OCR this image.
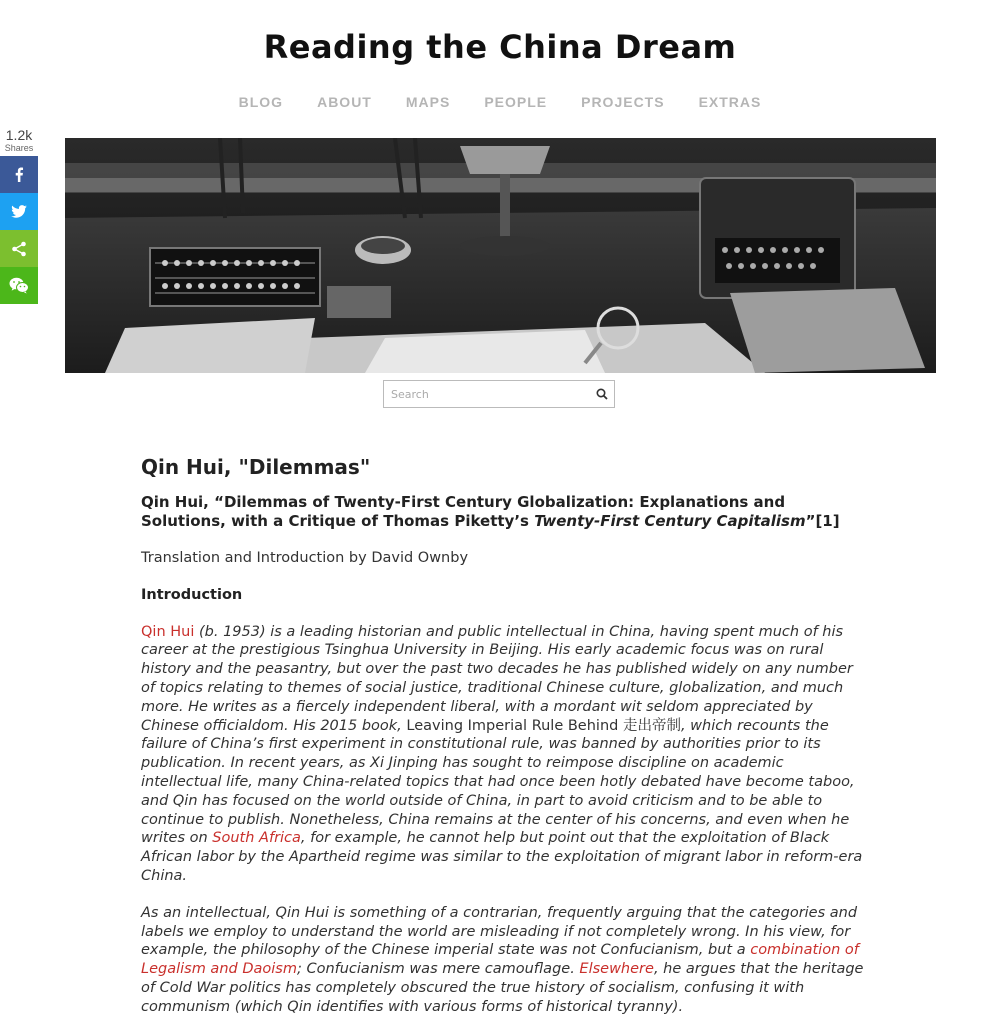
Reading the China Dream
BLOG ABOUT MAPS PEOPLE PROJECTS EXTRAS
1.2k
Shares
Search
Qin Hui, "Dilemmas"

Qin Hui, “Dilemmas of Twenty-First Century Globalization: Explanations and Solutions, with a Critique of Thomas Piketty’s Twenty-First Century Capitalism”[1]

Translation and Introduction by David Ownby

Introduction

Qin Hui (b. 1953) is a leading historian and public intellectual in China, having spent much of his career at the prestigious Tsinghua University in Beijing. His early academic focus was on rural history and the peasantry, but over the past two decades he has published widely on any number of topics relating to themes of social justice, traditional Chinese culture, globalization, and much more. He writes as a fiercely independent liberal, with a mordant wit seldom appreciated by Chinese officialdom. His 2015 book, Leaving Imperial Rule Behind 走出帝制, which recounts the failure of China’s first experiment in constitutional rule, was banned by authorities prior to its publication. In recent years, as Xi Jinping has sought to reimpose discipline on academic intellectual life, many China-related topics that had once been hotly debated have become taboo, and Qin has focused on the world outside of China, in part to avoid criticism and to be able to continue to publish. Nonetheless, China remains at the center of his concerns, and even when he writes on South Africa, for example, he cannot help but point out that the exploitation of Black African labor by the Apartheid regime was similar to the exploitation of migrant labor in reform-era China.

As an intellectual, Qin Hui is something of a contrarian, frequently arguing that the categories and labels we employ to understand the world are misleading if not completely wrong. In his view, for example, the philosophy of the Chinese imperial state was not Confucianism, but a combination of Legalism and Daoism; Confucianism was mere camouflage. Elsewhere, he argues that the heritage of Cold War politics has completely obscured the true history of socialism, confusing it with communism (which Qin identifies with various forms of historical tyranny).
